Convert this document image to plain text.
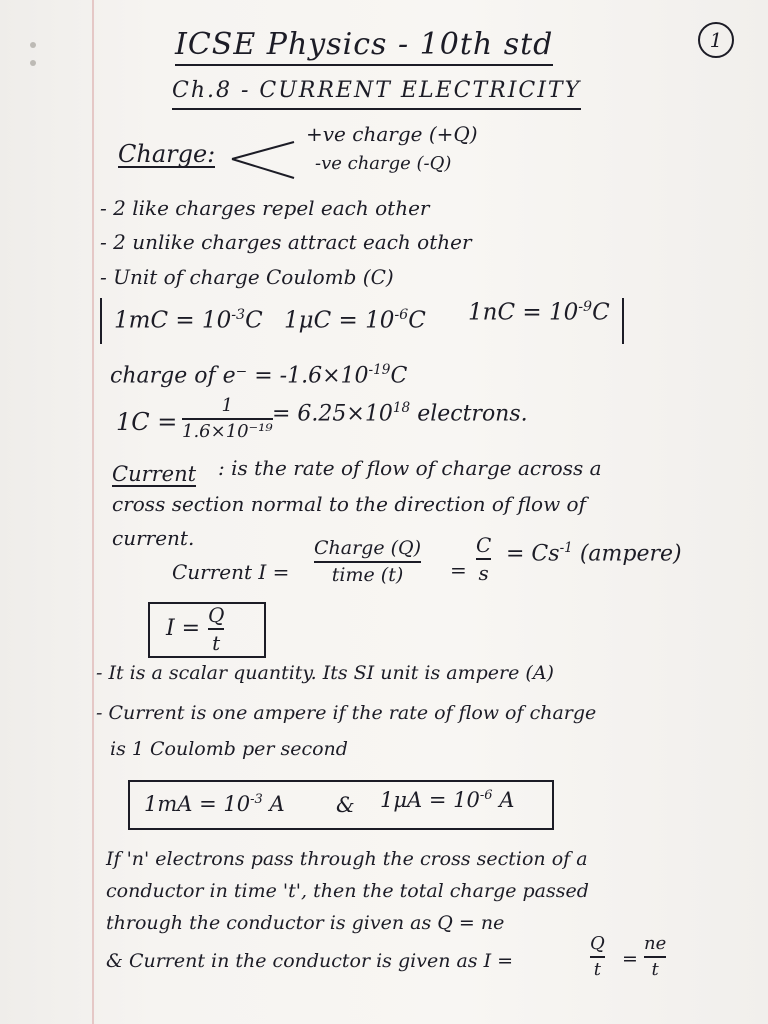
1
ICSE Physics - 10th std
Ch.8 - CURRENT ELECTRICITY
Charge:
+ve charge (+Q)
-ve charge (-Q)
- 2 like charges repel each other
- 2 unlike charges attract each other
- Unit of charge Coulomb (C)
$1mC = 10^{-3}C$ $1\mu C = 10^{-6}C$ $1nC = 10^{-9}C$
charge of $e^- = -1.6\times 10^{-19}C$
1C =
1
1.6×10⁻¹⁹
= $6.25\times 10^{18}$ electrons.
Current : is the rate of flow of charge across a
cross section normal to the direction of flow of
current.
Current I =
Charge (Q)
time (t) =
C
s
= $Cs^{-1}$ (ampere)
I =
Q
t
- It is a scalar quantity. Its SI unit is ampere (A)
- Current is one ampere if the rate of flow of charge
is 1 Coulomb per second
$1mA = 10^{-3}$ A & $1\mu A = 10^{-6}$ A
If 'n' electrons pass through the cross section of a
conductor in time 't', then the total charge passed
through the conductor is given as Q = ne
& Current in the conductor is given as I =
Q
t =
ne
t
